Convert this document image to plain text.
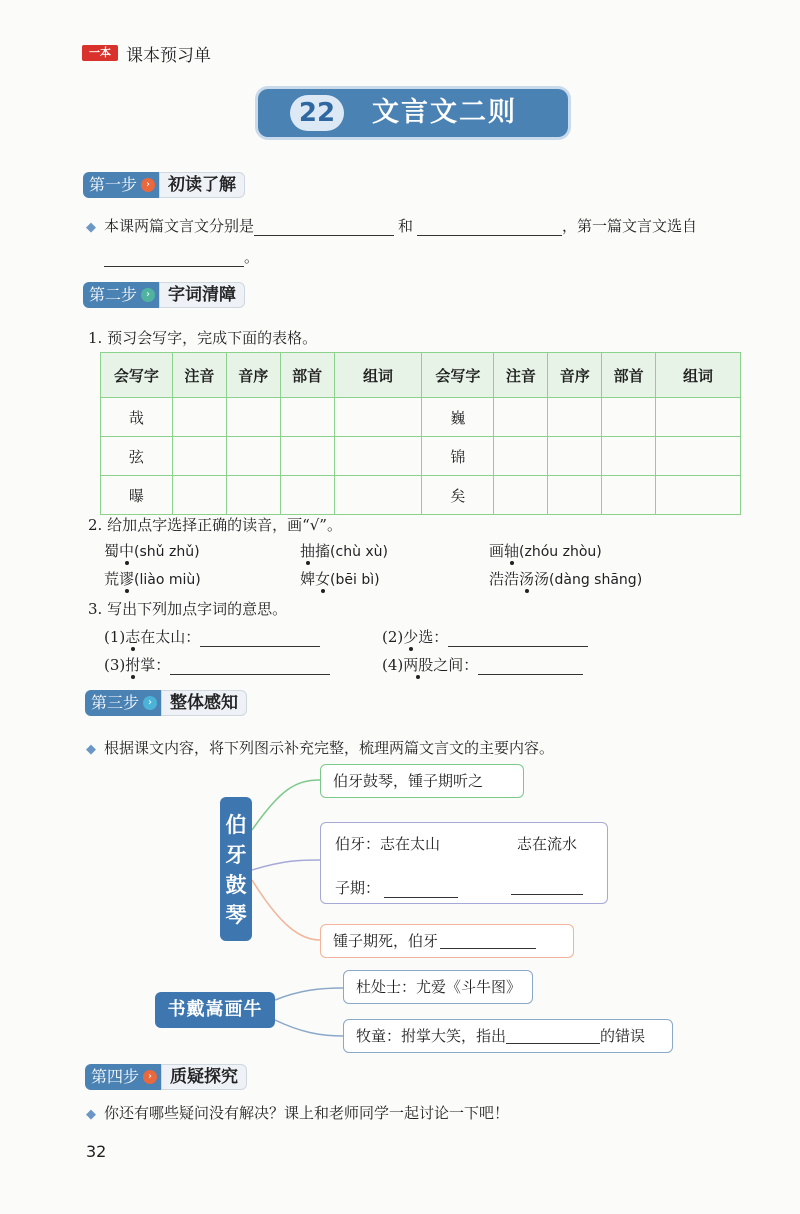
一本 课本预习单
22	文言文二则
第一步 ›	初读了解
◆ 本课两篇文言文分别是	和	，第一篇文言文选自
。
第二步 ›	字词清障
1. 预习会写字，完成下面的表格。
会写字	注音	音序	部首	组词	会写字	注音	音序	部首	组词
哉					巍				
弦					锦				
曝					矣				
2. 给加点字选择正确的读音，画“√”。
蜀中(shǔ zhǔ)	抽搐(chù xù)	画轴(zhóu zhòu)
荒谬(liào miù)	婢女(bēi bì)	浩浩汤汤(dàng shāng)
3. 写出下列加点字词的意思。
(1)志在太山：	(2)少选：
(3)拊掌：	(4)两股之间：
第三步 ›	整体感知
◆ 根据课文内容，将下列图示补充完整，梳理两篇文言文的主要内容。
伯
牙
鼓
琴
伯牙鼓琴，锺子期听之
伯牙：志在太山	志在流水
子期：
锺子期死，伯牙
书戴嵩画牛
杜处士：尤爱《斗牛图》
牧童：拊掌大笑，指出	的错误
第四步 ›	质疑探究
◆ 你还有哪些疑问没有解决？课上和老师同学一起讨论一下吧！
32
